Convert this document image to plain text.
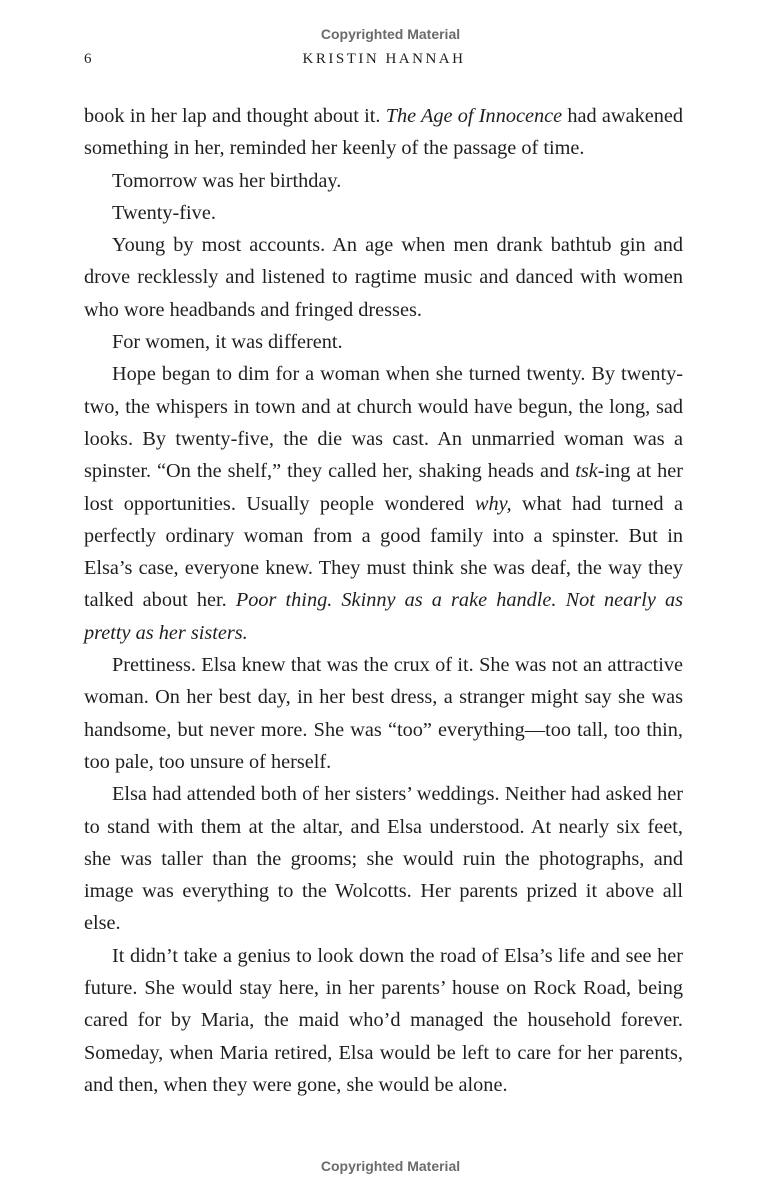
Copyrighted Material
6	KRISTIN HANNAH

book in her lap and thought about it. The Age of Innocence had awakened something in her, reminded her keenly of the passage of time.

Tomorrow was her birthday.

Twenty-five.

Young by most accounts. An age when men drank bathtub gin and drove recklessly and listened to ragtime music and danced with women who wore headbands and fringed dresses.

For women, it was different.

Hope began to dim for a woman when she turned twenty. By twenty-two, the whispers in town and at church would have begun, the long, sad looks. By twenty-five, the die was cast. An unmarried woman was a spinster. “On the shelf,” they called her, shaking heads and tsk-ing at her lost opportunities. Usually people wondered why, what had turned a perfectly ordinary woman from a good family into a spinster. But in Elsa’s case, everyone knew. They must think she was deaf, the way they talked about her. Poor thing. Skinny as a rake handle. Not nearly as pretty as her sisters.

Prettiness. Elsa knew that was the crux of it. She was not an attractive woman. On her best day, in her best dress, a stranger might say she was handsome, but never more. She was “too” everything—too tall, too thin, too pale, too unsure of herself.

Elsa had attended both of her sisters’ weddings. Neither had asked her to stand with them at the altar, and Elsa understood. At nearly six feet, she was taller than the grooms; she would ruin the photographs, and image was everything to the Wolcotts. Her parents prized it above all else.

It didn’t take a genius to look down the road of Elsa’s life and see her future. She would stay here, in her parents’ house on Rock Road, being cared for by Maria, the maid who’d managed the household forever. Someday, when Maria retired, Elsa would be left to care for her parents, and then, when they were gone, she would be alone.

Copyrighted Material
